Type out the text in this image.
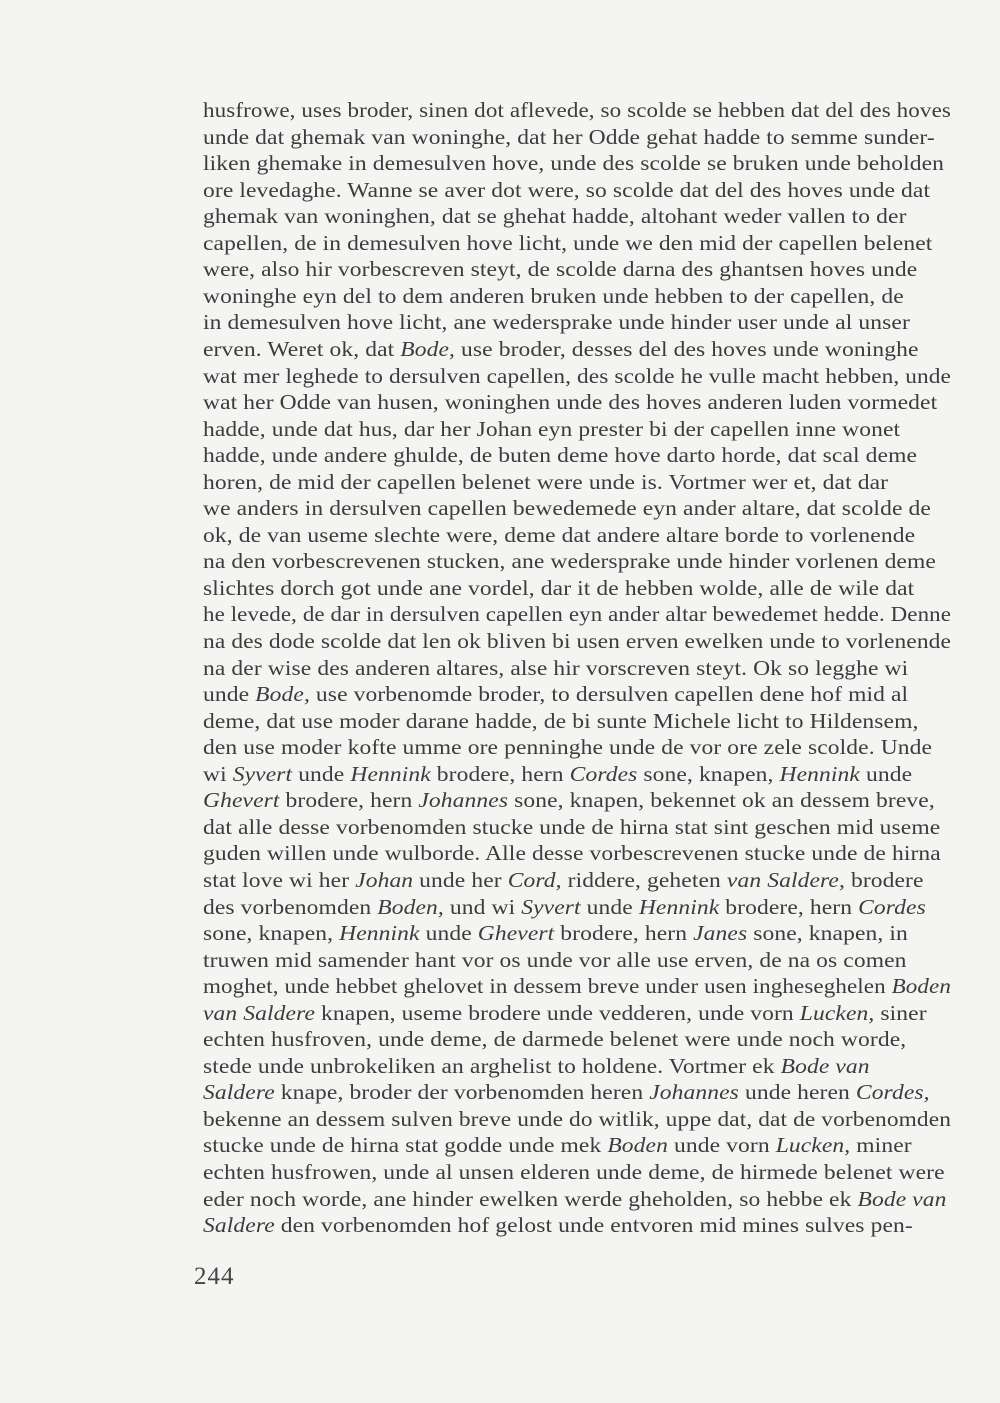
husfrowe, uses broder, sinen dot aflevede, so scolde se hebben dat del des hoves
unde dat ghemak van woninghe, dat her Odde gehat hadde to semme sunder-
liken ghemake in demesulven hove, unde des scolde se bruken unde beholden
ore levedaghe. Wanne se aver dot were, so scolde dat del des hoves unde dat
ghemak van woninghen, dat se ghehat hadde, altohant weder vallen to der
capellen, de in demesulven hove licht, unde we den mid der capellen belenet
were, also hir vorbescreven steyt, de scolde darna des ghantsen hoves unde
woninghe eyn del to dem anderen bruken unde hebben to der capellen, de
in demesulven hove licht, ane wedersprake unde hinder user unde al unser
erven. Weret ok, dat Bode, use broder, desses del des hoves unde woninghe
wat mer leghede to dersulven capellen, des scolde he vulle macht hebben, unde
wat her Odde van husen, woninghen unde des hoves anderen luden vormedet
hadde, unde dat hus, dar her Johan eyn prester bi der capellen inne wonet
hadde, unde andere ghulde, de buten deme hove darto horde, dat scal deme
horen, de mid der capellen belenet were unde is. Vortmer wer et, dat dar
we anders in dersulven capellen bewedemede eyn ander altare, dat scolde de
ok, de van useme slechte were, deme dat andere altare borde to vorlenende
na den vorbescrevenen stucken, ane wedersprake unde hinder vorlenen deme
slichtes dorch got unde ane vordel, dar it de hebben wolde, alle de wile dat
he levede, de dar in dersulven capellen eyn ander altar bewedemet hedde. Denne
na des dode scolde dat len ok bliven bi usen erven ewelken unde to vorlenende
na der wise des anderen altares, alse hir vorscreven steyt. Ok so legghe wi
unde Bode, use vorbenomde broder, to dersulven capellen dene hof mid al
deme, dat use moder darane hadde, de bi sunte Michele licht to Hildensem,
den use moder kofte umme ore penninghe unde de vor ore zele scolde. Unde
wi Syvert unde Hennink brodere, hern Cordes sone, knapen, Hennink unde
Ghevert brodere, hern Johannes sone, knapen, bekennet ok an dessem breve,
dat alle desse vorbenomden stucke unde de hirna stat sint geschen mid useme
guden willen unde wulborde. Alle desse vorbescrevenen stucke unde de hirna
stat love wi her Johan unde her Cord, riddere, geheten van Saldere, brodere
des vorbenomden Boden, und wi Syvert unde Hennink brodere, hern Cordes
sone, knapen, Hennink unde Ghevert brodere, hern Janes sone, knapen, in
truwen mid samender hant vor os unde vor alle use erven, de na os comen
moghet, unde hebbet ghelovet in dessem breve under usen ingheseghelen Boden
van Saldere knapen, useme brodere unde vedderen, unde vorn Lucken, siner
echten husfroven, unde deme, de darmede belenet were unde noch worde,
stede unde unbrokeliken an arghelist to holdene. Vortmer ek Bode van
Saldere knape, broder der vorbenomden heren Johannes unde heren Cordes,
bekenne an dessem sulven breve unde do witlik, uppe dat, dat de vorbenomden
stucke unde de hirna stat godde unde mek Boden unde vorn Lucken, miner
echten husfrowen, unde al unsen elderen unde deme, de hirmede belenet were
eder noch worde, ane hinder ewelken werde gheholden, so hebbe ek Bode van
Saldere den vorbenomden hof gelost unde entvoren mid mines sulves pen-
244
